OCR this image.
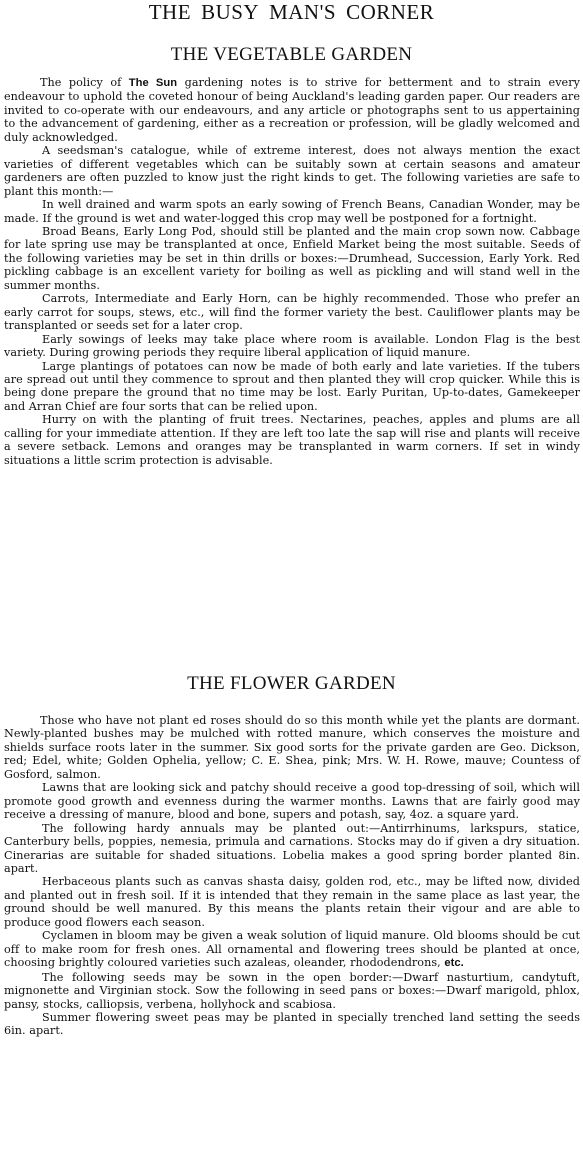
THE BUSY MAN'S CORNER
THE VEGETABLE GARDEN

The policy of The Sun gardening notes is to strive for betterment and to strain every endeavour to uphold the coveted honour of being Auckland's leading garden paper. Our readers are invited to co-operate with our endeavours, and any article or photographs sent to us appertaining to the advancement of gardening, either as a recreation or profession, will be gladly welcomed and duly acknowledged.

A seedsman's catalogue, while of extreme interest, does not always mention the exact varieties of different vegetables which can be suitably sown at certain seasons and amateur gardeners are often puzzled to know just the right kinds to get. The following varieties are safe to plant this month:—

In well drained and warm spots an early sowing of French Beans, Canadian Wonder, may be made. If the ground is wet and water-logged this crop may well be postponed for a fortnight.

Broad Beans, Early Long Pod, should still be planted and the main crop sown now. Cabbage for late spring use may be transplanted at once, Enfield Market being the most suitable. Seeds of the following varieties may be set in thin drills or boxes:—Drumhead, Succession, Early York. Red pickling cabbage is an excellent variety for boiling as well as pickling and will stand well in the summer months.

Carrots, Intermediate and Early Horn, can be highly recommended. Those who prefer an early carrot for soups, stews, etc., will find the former variety the best. Cauliflower plants may be transplanted or seeds set for a later crop.

Early sowings of leeks may take place where room is available. London Flag is the best variety. During growing periods they require liberal application of liquid manure.

Large plantings of potatoes can now be made of both early and late varieties. If the tubers are spread out until they commence to sprout and then planted they will crop quicker. While this is being done prepare the ground that no time may be lost. Early Puritan, Up-to-dates, Gamekeeper and Arran Chief are four sorts that can be relied upon.

Hurry on with the planting of fruit trees. Nectarines, peaches, apples and plums are all calling for your immediate attention. If they are left too late the sap will rise and plants will receive a severe setback. Lemons and oranges may be transplanted in warm corners. If set in windy situations a little scrim protection is advisable.

THE FLOWER GARDEN

Those who have not plant ed roses should do so this month while yet the plants are dormant. Newly-planted bushes may be mulched with rotted manure, which conserves the moisture and shields surface roots later in the summer. Six good sorts for the private garden are Geo. Dickson, red; Edel, white; Golden Ophelia, yellow; C. E. Shea, pink; Mrs. W. H. Rowe, mauve; Countess of Gosford, salmon.

Lawns that are looking sick and patchy should receive a good top-dressing of soil, which will promote good growth and evenness during the warmer months. Lawns that are fairly good may receive a dressing of manure, blood and bone, supers and potash, say, 4oz. a square yard.

The following hardy annuals may be planted out:—Antirrhinums, larkspurs, statice, Canterbury bells, poppies, nemesia, primula and carnations. Stocks may do if given a dry situation. Cinerarias are suitable for shaded situations. Lobelia makes a good spring border planted 8in. apart.

Herbaceous plants such as canvas shasta daisy, golden rod, etc., may be lifted now, divided and planted out in fresh soil. If it is intended that they remain in the same place as last year, the ground should be well manured. By this means the plants retain their vigour and are able to produce good flowers each season.

Cyclamen in bloom may be given a weak solution of liquid manure. Old blooms should be cut off to make room for fresh ones. All ornamental and flowering trees should be planted at once, choosing brightly coloured varieties such azaleas, oleander, rhododendrons, etc.

The following seeds may be sown in the open border:—Dwarf nasturtium, candytuft, mignonette and Virginian stock. Sow the following in seed pans or boxes:—Dwarf marigold, phlox, pansy, stocks, calliopsis, verbena, hollyhock and scabiosa.

Summer flowering sweet peas may be planted in specially trenched land setting the seeds 6in. apart.
